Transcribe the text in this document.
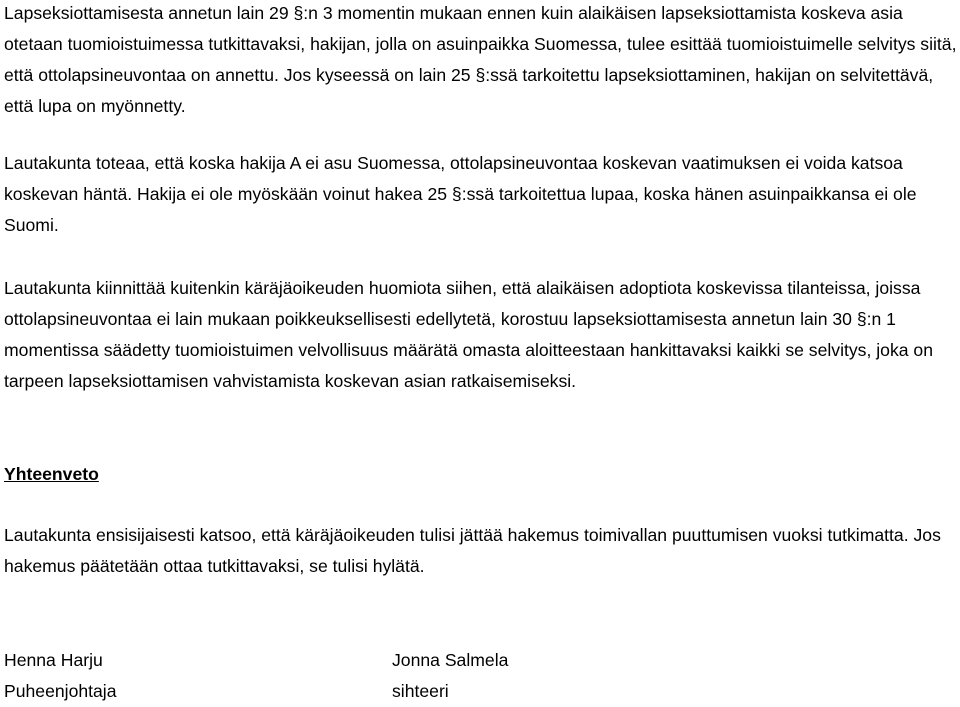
Lapseksiottamisesta annetun lain 29 §:n 3 momentin mukaan ennen kuin alaikäisen lapseksiottamista koskeva asia otetaan tuomioistuimessa tutkittavaksi, hakijan, jolla on asuinpaikka Suomessa, tulee esittää tuomioistuimelle selvitys siitä, että ottolapsineuvontaa on annettu. Jos kyseessä on lain 25 §:ssä tarkoitettu lapseksiottaminen, hakijan on selvitettävä, että lupa on myönnetty.

Lautakunta toteaa, että koska hakija A ei asu Suomessa, ottolapsineuvontaa koskevan vaatimuksen ei voida katsoa koskevan häntä. Hakija ei ole myöskään voinut hakea 25 §:ssä tarkoitettua lupaa, koska hänen asuinpaikkansa ei ole Suomi.

Lautakunta kiinnittää kuitenkin käräjäoikeuden huomiota siihen, että alaikäisen adoptiota koskevissa tilanteissa, joissa ottolapsineuvontaa ei lain mukaan poikkeuksellisesti edellytetä, korostuu lapseksiottamisesta annetun lain 30 §:n 1 momentissa säädetty tuomioistuimen velvollisuus määrätä omasta aloitteestaan hankittavaksi kaikki se selvitys, joka on tarpeen lapseksiottamisen vahvistamista koskevan asian ratkaisemiseksi.

Yhteenveto

Lautakunta ensisijaisesti katsoo, että käräjäoikeuden tulisi jättää hakemus toimivallan puuttumisen vuoksi tutkimatta. Jos hakemus päätetään ottaa tutkittavaksi, se tulisi hylätä.

Henna Harju
Puheenjohtaja
Jonna Salmela
sihteeri
